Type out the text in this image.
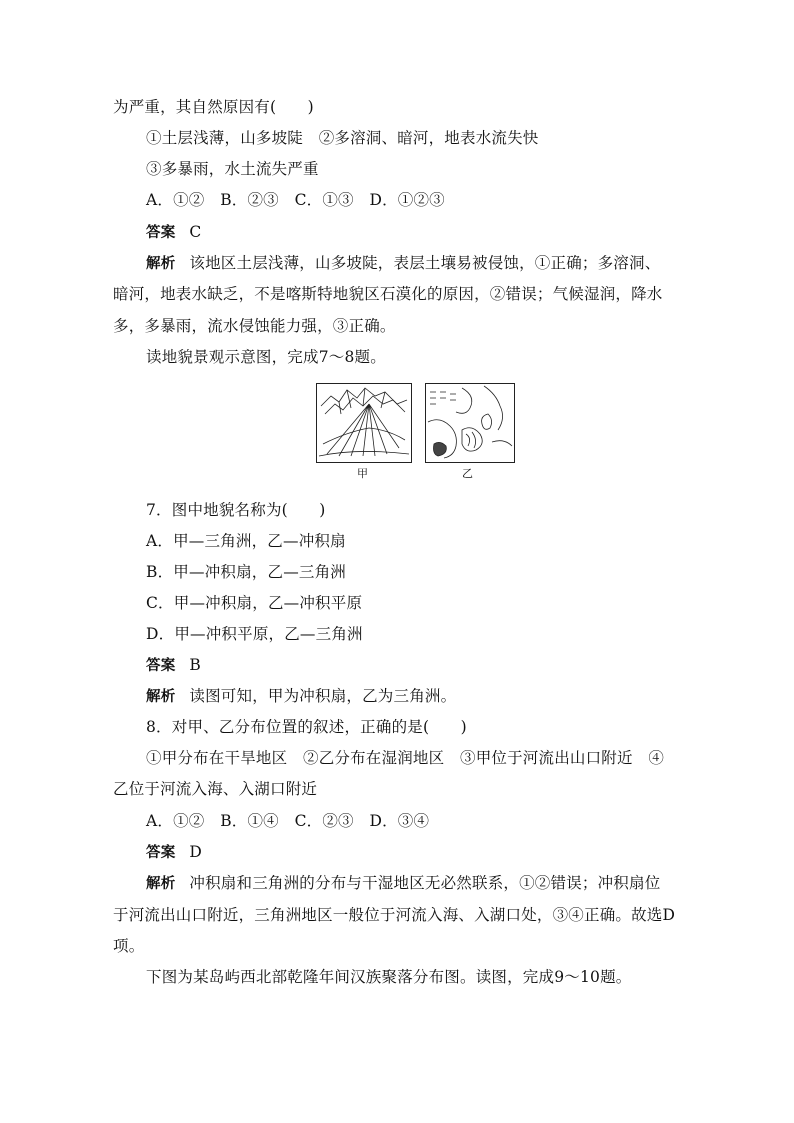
为严重，其自然原因有(　　)
①土层浅薄，山多坡陡　②多溶洞、暗河，地表水流失快
③多暴雨，水土流失严重
A．①②　B．②③　C．①③　D．①②③
答案 C
解析 该地区土层浅薄，山多坡陡，表层土壤易被侵蚀，①正确；多溶洞、
暗河，地表水缺乏，不是喀斯特地貌区石漠化的原因，②错误；气候湿润，降水
多，多暴雨，流水侵蚀能力强，③正确。
读地貌景观示意图，完成7～8题。
甲	乙
7．图中地貌名称为(　　)
A．甲—三角洲，乙—冲积扇
B．甲—冲积扇，乙—三角洲
C．甲—冲积扇，乙—冲积平原
D．甲—冲积平原，乙—三角洲
答案 B
解析 读图可知，甲为冲积扇，乙为三角洲。
8．对甲、乙分布位置的叙述，正确的是(　　)
①甲分布在干旱地区　②乙分布在湿润地区　③甲位于河流出山口附近　④
乙位于河流入海、入湖口附近
A．①②　B．①④　C．②③　D．③④
答案 D
解析 冲积扇和三角洲的分布与干湿地区无必然联系，①②错误；冲积扇位
于河流出山口附近，三角洲地区一般位于河流入海、入湖口处，③④正确。故选D
项。
下图为某岛屿西北部乾隆年间汉族聚落分布图。读图，完成9～10题。
